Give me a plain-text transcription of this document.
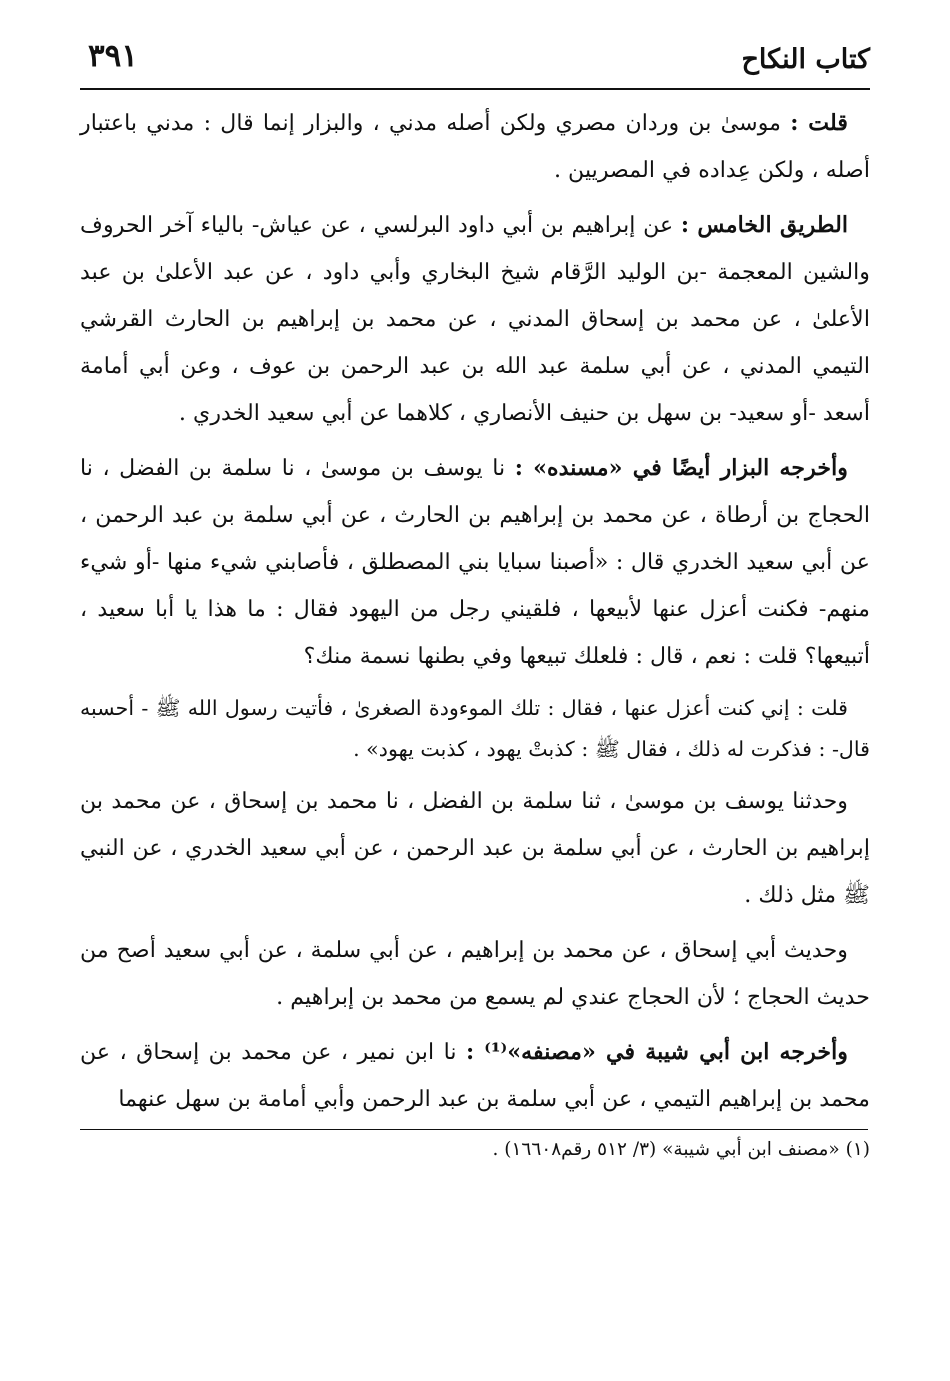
كتاب النكاح
٣٩١

قلت : موسىٰ بن وردان مصري ولكن أصله مدني ، والبزار إنما قال : مدني باعتبار أصله ، ولكن عِداده في المصريين .

الطريق الخامس : عن إبراهيم بن أبي داود البرلسي ، عن عياش- بالياء آخر الحروف والشين المعجمة -بن الوليد الرَّقام شيخ البخاري وأبي داود ، عن عبد الأعلىٰ بن عبد الأعلىٰ ، عن محمد بن إسحاق المدني ، عن محمد بن إبراهيم بن الحارث القرشي التيمي المدني ، عن أبي سلمة عبد الله بن عبد الرحمن بن عوف ، وعن أبي أمامة أسعد -أو سعيد- بن سهل بن حنيف الأنصاري ، كلاهما عن أبي سعيد الخدري .

وأخرجه البزار أيضًا في «مسنده» : نا يوسف بن موسىٰ ، نا سلمة بن الفضل ، نا الحجاج بن أرطاة ، عن محمد بن إبراهيم بن الحارث ، عن أبي سلمة بن عبد الرحمن ، عن أبي سعيد الخدري قال : «أصبنا سبايا بني المصطلق ، فأصابني شيء منها -أو شيء منهم- فكنت أعزل عنها لأبيعها ، فلقيني رجل من اليهود فقال : ما هذا يا أبا سعيد ، أتبيعها؟ قلت : نعم ، قال : فلعلك تبيعها وفي بطنها نسمة منك؟

قلت : إني كنت أعزل عنها ، فقال : تلك الموءودة الصغرىٰ ، فأتيت رسول الله ﷺ - أحسبه قال- : فذكرت له ذلك ، فقال ﷺ : كذبتْ يهود ، كذبت يهود» .

وحدثنا يوسف بن موسىٰ ، ثنا سلمة بن الفضل ، نا محمد بن إسحاق ، عن محمد بن إبراهيم بن الحارث ، عن أبي سلمة بن عبد الرحمن ، عن أبي سعيد الخدري ، عن النبي ﷺ مثل ذلك .

وحديث أبي إسحاق ، عن محمد بن إبراهيم ، عن أبي سلمة ، عن أبي سعيد أصح من حديث الحجاج ؛ لأن الحجاج عندي لم يسمع من محمد بن إبراهيم .

وأخرجه ابن أبي شيبة في «مصنفه»⁽¹⁾ : نا ابن نمير ، عن محمد بن إسحاق ، عن محمد بن إبراهيم التيمي ، عن أبي سلمة بن عبد الرحمن وأبي أمامة بن سهل عنهما

(١) «مصنف ابن أبي شيبة» (٣/ ٥١٢ رقم١٦٦٠٨) .
